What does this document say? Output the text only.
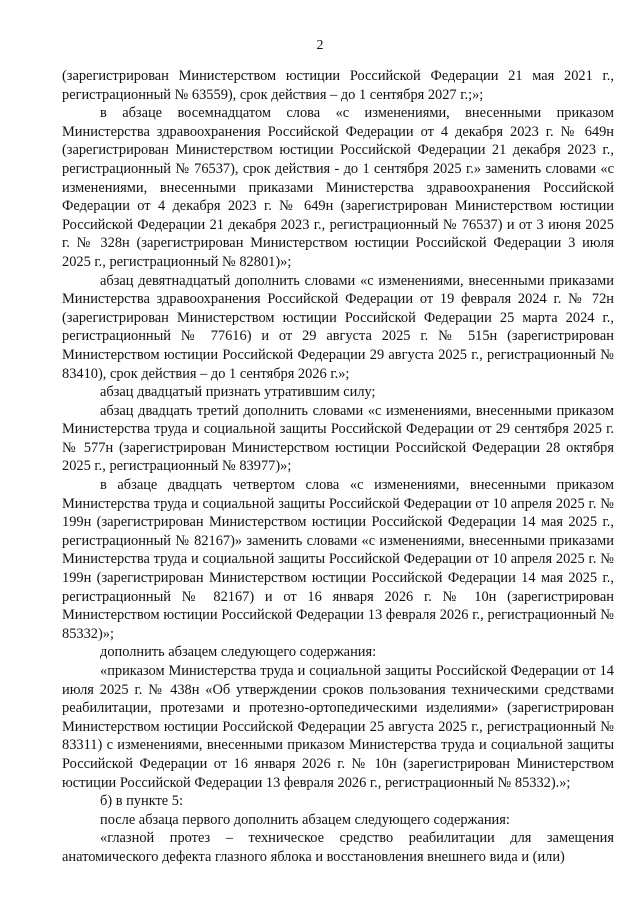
2

(зарегистрирован Министерством юстиции Российской Федерации 21 мая 2021 г., регистрационный № 63559), срок действия – до 1 сентября 2027 г.;»;

в абзаце восемнадцатом слова «с изменениями, внесенными приказом Министерства здравоохранения Российской Федерации от 4 декабря 2023 г. № 649н (зарегистрирован Министерством юстиции Российской Федерации 21 декабря 2023 г., регистрационный № 76537), срок действия - до 1 сентября 2025 г.» заменить словами «с изменениями, внесенными приказами Министерства здравоохранения Российской Федерации от 4 декабря 2023 г. № 649н (зарегистрирован Министерством юстиции Российской Федерации 21 декабря 2023 г., регистрационный № 76537) и от 3 июня 2025 г. № 328н (зарегистрирован Министерством юстиции Российской Федерации 3 июля 2025 г., регистрационный № 82801)»;

абзац девятнадцатый дополнить словами «с изменениями, внесенными приказами Министерства здравоохранения Российской Федерации от 19 февраля 2024 г. № 72н (зарегистрирован Министерством юстиции Российской Федерации 25 марта 2024 г., регистрационный № 77616) и от 29 августа 2025 г. № 515н (зарегистрирован Министерством юстиции Российской Федерации 29 августа 2025 г., регистрационный № 83410), срок действия – до 1 сентября 2026 г.»;

абзац двадцатый признать утратившим силу;

абзац двадцать третий дополнить словами «с изменениями, внесенными приказом Министерства труда и социальной защиты Российской Федерации от 29 сентября 2025 г. № 577н (зарегистрирован Министерством юстиции Российской Федерации 28 октября 2025 г., регистрационный № 83977)»;

в абзаце двадцать четвертом слова «с изменениями, внесенными приказом Министерства труда и социальной защиты Российской Федерации от 10 апреля 2025 г. № 199н (зарегистрирован Министерством юстиции Российской Федерации 14 мая 2025 г., регистрационный № 82167)» заменить словами «с изменениями, внесенными приказами Министерства труда и социальной защиты Российской Федерации от 10 апреля 2025 г. № 199н (зарегистрирован Министерством юстиции Российской Федерации 14 мая 2025 г., регистрационный № 82167) и от 16 января 2026 г. № 10н (зарегистрирован Министерством юстиции Российской Федерации 13 февраля 2026 г., регистрационный № 85332)»;

дополнить абзацем следующего содержания:

«приказом Министерства труда и социальной защиты Российской Федерации от 14 июля 2025 г. № 438н «Об утверждении сроков пользования техническими средствами реабилитации, протезами и протезно-ортопедическими изделиями» (зарегистрирован Министерством юстиции Российской Федерации 25 августа 2025 г., регистрационный № 83311) с изменениями, внесенными приказом Министерства труда и социальной защиты Российской Федерации от 16 января 2026 г. № 10н (зарегистрирован Министерством юстиции Российской Федерации 13 февраля 2026 г., регистрационный № 85332).»;

б) в пункте 5:

после абзаца первого дополнить абзацем следующего содержания:

«глазной протез – техническое средство реабилитации для замещения анатомического дефекта глазного яблока и восстановления внешнего вида и (или)
